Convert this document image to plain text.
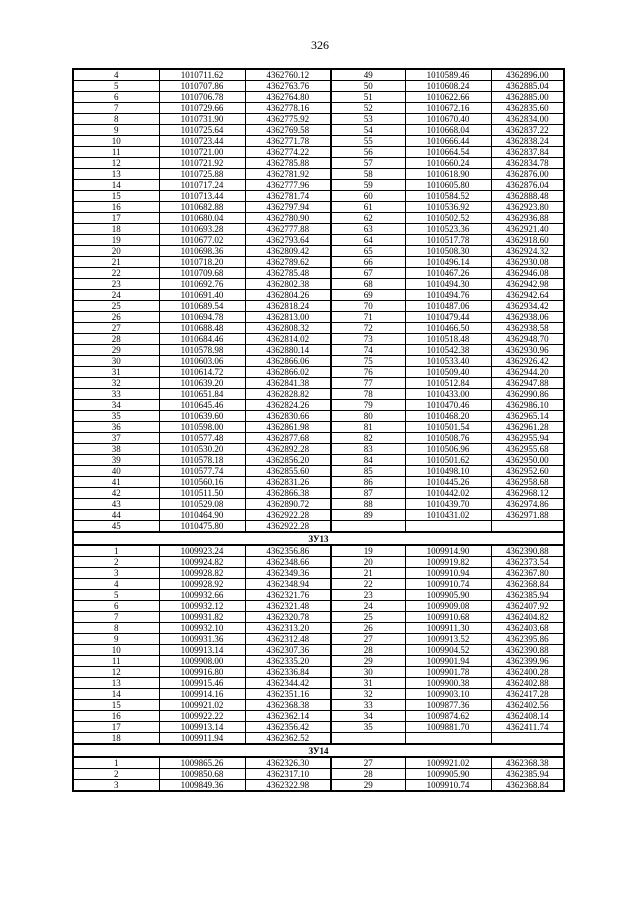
326
4	1010711.62	4362760.12	49	1010589.46	4362896.00
5	1010707.86	4362763.76	50	1010608.24	4362885.04
6	1010706.78	4362764.80	51	1010622.66	4362885.00
7	1010729.66	4362778.16	52	1010672.16	4362835.60
8	1010731.90	4362775.92	53	1010670.40	4362834.00
9	1010725.64	4362769.58	54	1010668.04	4362837.22
10	1010723.44	4362771.78	55	1010666.44	4362838.24
11	1010721.00	4362774.22	56	1010664.54	4362837.84
12	1010721.92	4362785.88	57	1010660.24	4362834.78
13	1010725.88	4362781.92	58	1010618.90	4362876.00
14	1010717.24	4362777.96	59	1010605.80	4362876.04
15	1010713.44	4362781.74	60	1010584.52	4362888.48
16	1010682.88	4362797.94	61	1010536.92	4362923.80
17	1010680.04	4362780.90	62	1010502.52	4362936.88
18	1010693.28	4362777.88	63	1010523.36	4362921.40
19	1010677.02	4362793.64	64	1010517.78	4362918.60
20	1010698.36	4362809.42	65	1010508.30	4362924.32
21	1010718.20	4362789.62	66	1010496.14	4362930.08
22	1010709.68	4362785.48	67	1010467.26	4362946.08
23	1010692.76	4362802.38	68	1010494.30	4362942.98
24	1010691.40	4362804.26	69	1010494.76	4362942.64
25	1010689.54	4362818.24	70	1010487.06	4362934.42
26	1010694.78	4362813.00	71	1010479.44	4362938.06
27	1010688.48	4362808.32	72	1010466.50	4362938.58
28	1010684.46	4362814.02	73	1010518.48	4362948.70
29	1010578.98	4362880.14	74	1010542.38	4362930.96
30	1010603.06	4362866.06	75	1010533.40	4362926.42
31	1010614.72	4362866.02	76	1010509.40	4362944.20
32	1010639.20	4362841.38	77	1010512.84	4362947.88
33	1010651.84	4362828.82	78	1010433.00	4362990.86
34	1010645.46	4362824.26	79	1010470.46	4362986.10
35	1010639.60	4362830.66	80	1010468.20	4362965.14
36	1010598.00	4362861.98	81	1010501.54	4362961.28
37	1010577.48	4362877.68	82	1010508.76	4362955.94
38	1010530.20	4362892.28	83	1010506.96	4362955.68
39	1010578.18	4362856.20	84	1010501.62	4362950.00
40	1010577.74	4362855.60	85	1010498.10	4362952.60
41	1010560.16	4362831.26	86	1010445.26	4362958.68
42	1010511.50	4362866.38	87	1010442.02	4362968.12
43	1010529.08	4362890.72	88	1010439.70	4362974.86
44	1010464.90	4362922.28	89	1010431.02	4362971.88
45	1010475.80	4362922.28			
ЗУ13					
1	1009923.24	4362356.86	19	1009914.90	4362390.88
2	1009924.82	4362348.66	20	1009919.82	4362373.54
3	1009928.82	4362349.36	21	1009910.94	4362367.80
4	1009928.92	4362348.94	22	1009910.74	4362368.84
5	1009932.66	4362321.76	23	1009905.90	4362385.94
6	1009932.12	4362321.48	24	1009909.08	4362407.92
7	1009931.82	4362320.78	25	1009910.68	4362404.82
8	1009932.10	4362313.20	26	1009911.30	4362403.68
9	1009931.36	4362312.48	27	1009913.52	4362395.86
10	1009913.14	4362307.36	28	1009904.52	4362390.88
11	1009908.00	4362335.20	29	1009901.94	4362399.96
12	1009916.80	4362336.84	30	1009901.78	4362400.28
13	1009915.46	4362344.42	31	1009900.38	4362402.88
14	1009914.16	4362351.16	32	1009903.10	4362417.28
15	1009921.02	4362368.38	33	1009877.36	4362402.56
16	1009922.22	4362362.14	34	1009874.62	4362408.14
17	1009913.14	4362356.42	35	1009881.70	4362411.74
18	1009911.94	4362362.52			
ЗУ14					
1	1009865.26	4362326.30	27	1009921.02	4362368.38
2	1009850.68	4362317.10	28	1009905.90	4362385.94
3	1009849.36	4362322.98	29	1009910.74	4362368.84
